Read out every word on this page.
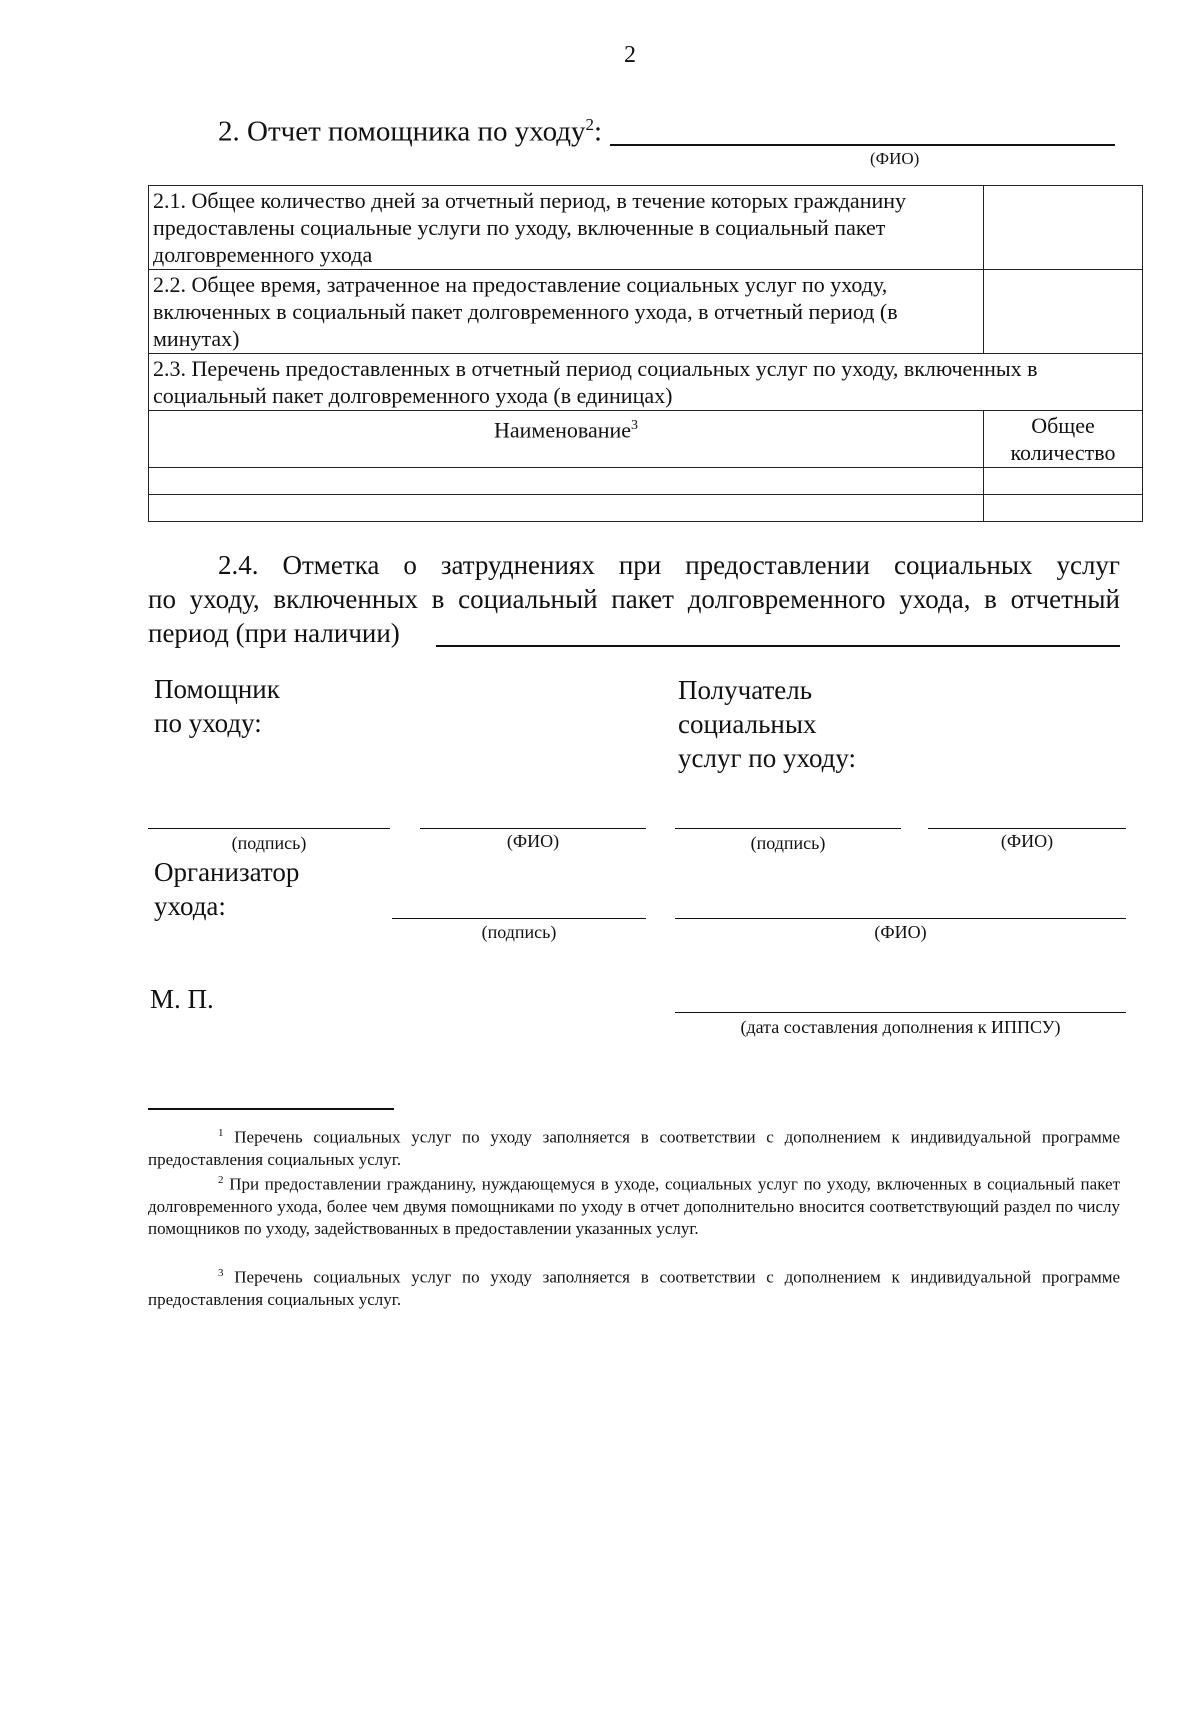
2
2. Отчет помощника по уходу$^2$:
(ФИО)
2.1. Общее количество дней за отчетный период, в течение которых гражданину предоставлены социальные услуги по уходу, включенные в социальный пакет долговременного ухода	
2.2. Общее время, затраченное на предоставление социальных услуг по уходу, включенных в социальный пакет долговременного ухода, в отчетный период (в минутах)	
2.3. Перечень предоставленных в отчетный период социальных услуг по уходу, включенных в социальный пакет долговременного ухода (в единицах)	
Наименование$^3$	Общее количество

2.4. Отметка о затруднениях при предоставлении социальных услуг
по уходу, включенных в социальный пакет долговременного ухода, в отчетный
период (при наличии)
Помощник
по уходу:
Получатель
социальных
услуг по уходу:
(подпись)	(ФИО)	(подпись)	(ФИО)
Организатор
ухода:
(подпись)	(ФИО)
М. П.
(дата составления дополнения к ИППСУ)
$^1$ Перечень социальных услуг по уходу заполняется в соответствии с дополнением к индивидуальной программе предоставления социальных услуг.
$^2$ При предоставлении гражданину, нуждающемуся в уходе, социальных услуг по уходу, включенных в социальный пакет долговременного ухода, более чем двумя помощниками по уходу в отчет дополнительно вносится соответствующий раздел по числу помощников по уходу, задействованных в предоставлении указанных услуг.
$^3$ Перечень социальных услуг по уходу заполняется в соответствии с дополнением к индивидуальной программе предоставления социальных услуг.
